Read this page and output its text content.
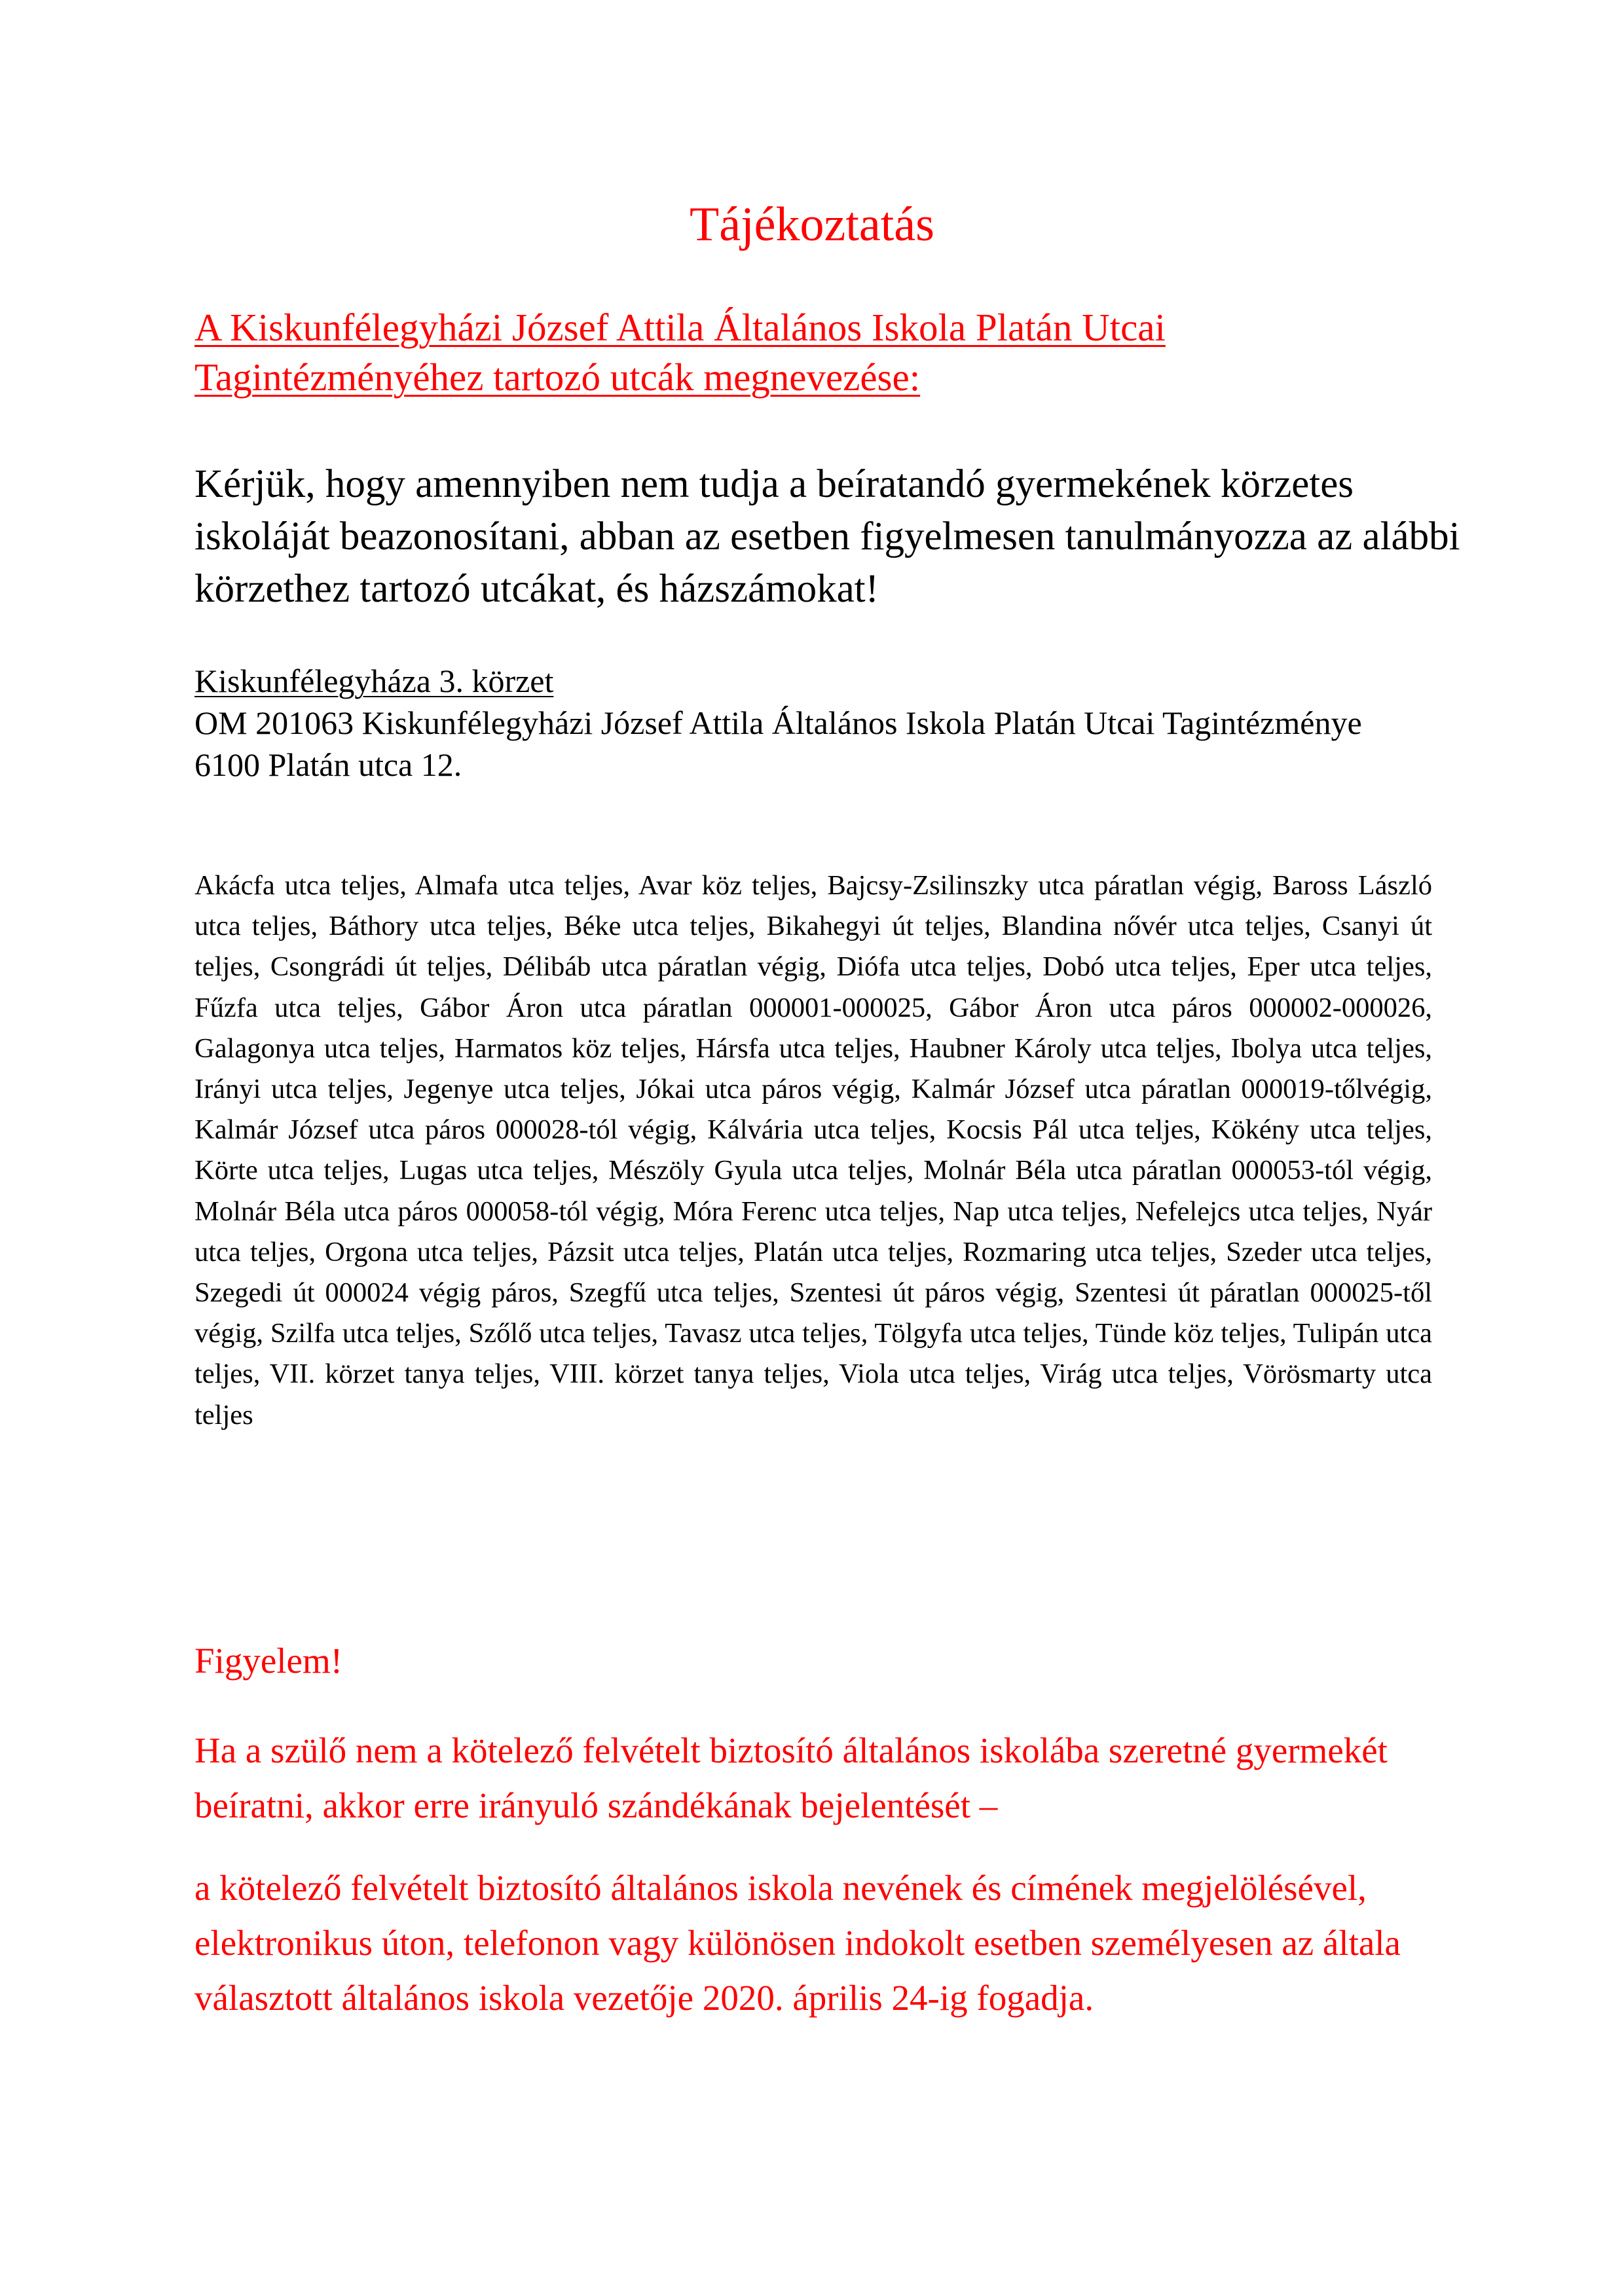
Tájékoztatás
A Kiskunfélegyházi József Attila Általános Iskola Platán Utcai Tagintézményéhez tartozó utcák megnevezése:
Kérjük, hogy amennyiben nem tudja a beíratandó gyermekének körzetes iskoláját beazonosítani, abban az esetben figyelmesen tanulmányozza az alábbi körzethez tartozó utcákat, és házszámokat!
Kiskunfélegyháza 3. körzet
OM 201063 Kiskunfélegyházi József Attila Általános Iskola Platán Utcai Tagintézménye
6100 Platán utca 12.
Akácfa utca teljes, Almafa utca teljes, Avar köz teljes, Bajcsy-Zsilinszky utca páratlan végig, Baross László utca teljes, Báthory utca teljes, Béke utca teljes, Bikahegyi út teljes, Blandina nővér utca teljes, Csanyi út teljes, Csongrádi út teljes, Délibáb utca páratlan végig, Diófa utca teljes, Dobó utca teljes, Eper utca teljes, Fűzfa utca teljes, Gábor Áron utca páratlan 000001-000025, Gábor Áron utca páros 000002-000026, Galagonya utca teljes, Harmatos köz teljes, Hársfa utca teljes, Haubner Károly utca teljes, Ibolya utca teljes, Irányi utca teljes, Jegenye utca teljes, Jókai utca páros végig, Kalmár József utca páratlan 000019-tőlvégig, Kalmár József utca páros 000028-tól végig, Kálvária utca teljes, Kocsis Pál utca teljes, Kökény utca teljes, Körte utca teljes, Lugas utca teljes, Mészöly Gyula utca teljes, Molnár Béla utca páratlan 000053-tól végig, Molnár Béla utca páros 000058-tól végig, Móra Ferenc utca teljes, Nap utca teljes, Nefelejcs utca teljes, Nyár utca teljes, Orgona utca teljes, Pázsit utca teljes, Platán utca teljes, Rozmaring utca teljes, Szeder utca teljes, Szegedi út 000024 végig páros, Szegfű utca teljes, Szentesi út páros végig, Szentesi út páratlan 000025-től végig, Szilfa utca teljes, Szőlő utca teljes, Tavasz utca teljes, Tölgyfa utca teljes, Tünde köz teljes, Tulipán utca teljes, VII. körzet tanya teljes, VIII. körzet tanya teljes, Viola utca teljes, Virág utca teljes, Vörösmarty utca teljes
Figyelem!
Ha a szülő nem a kötelező felvételt biztosító általános iskolába szeretné gyermekét beíratni, akkor erre irányuló szándékának bejelentését –
a kötelező felvételt biztosító általános iskola nevének és címének megjelölésével, elektronikus úton, telefonon vagy különösen indokolt esetben személyesen az általa választott általános iskola vezetője 2020. április 24-ig fogadja.
